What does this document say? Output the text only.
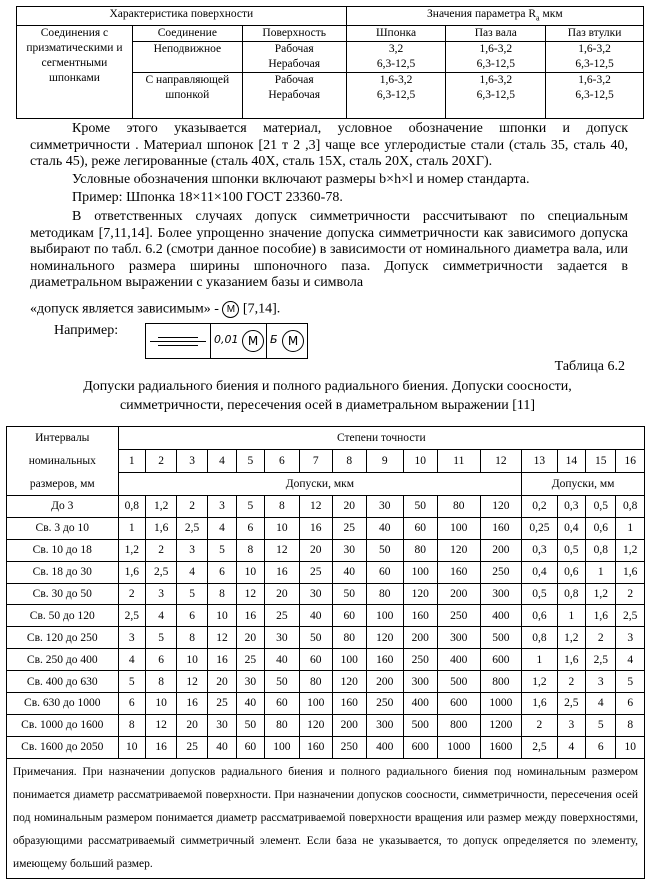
Характеристика поверхности			Значения параметра $R_a$ мкм		
Соединения с призматическими и сегментными шпонками	Соединение	Поверхность	Шпонка	Паз вала	Паз втулки
	Неподвижное	Рабочая	3,2	1,6-3,2	1,6-3,2
		Нерабочая	6,3-12,5	6,3-12,5	6,3-12,5
	С направляющей шпонкой	Рабочая	1,6-3,2	1,6-3,2	1,6-3,2
		Нерабочая	6,3-12,5	6,3-12,5	6,3-12,5

Кроме этого указывается материал, условное обозначение шпонки и допуск симметричности . Материал шпонок [21 т 2 ,3] чаще все углеродистые стали (сталь 35, сталь 40, сталь 45), реже легированные (сталь 40Х, сталь 15Х, сталь 20Х, сталь 20ХГ).

Условные обозначения шпонки включают размеры b×h×l и номер стандарта.

Пример: Шпонка 18×11×100 ГОСТ 23360-78.

В ответственных случаях допуск симметричности рассчитывают по специальным методикам [7,11,14]. Более упрощенно значение допуска симметричности как зависимого допуска выбирают по табл. 6.2 (смотри данное пособие) в зависимости от номинального диаметра вала, или номинального размера ширины шпоночного паза. Допуск симметричности задается в диаметральном выражении с указанием базы и символа

«допуск является зависимым» - M [7,14].
Например:
0,01 M	Б M
Таблица 6.2
Допуски радиального биения и полного радиального биения. Допуски соосности,
симметричности, пересечения осей в диаметральном выражении [11]
Интервалы	Степени точности															
номинальных	1	2	3	4	5	6	7	8	9	10	11	12	13	14	15	16
размеров, мм	Допуски, мкм												Допуски, мм			
До 3	0,8	1,2	2	3	5	8	12	20	30	50	80	120	0,2	0,3	0,5	0,8
Св. 3 до 10	1	1,6	2,5	4	6	10	16	25	40	60	100	160	0,25	0,4	0,6	1
Св. 10 до 18	1,2	2	3	5	8	12	20	30	50	80	120	200	0,3	0,5	0,8	1,2
Св. 18 до 30	1,6	2,5	4	6	10	16	25	40	60	100	160	250	0,4	0,6	1	1,6
Св. 30 до 50	2	3	5	8	12	20	30	50	80	120	200	300	0,5	0,8	1,2	2
Св. 50 до 120	2,5	4	6	10	16	25	40	60	100	160	250	400	0,6	1	1,6	2,5
Св. 120 до 250	3	5	8	12	20	30	50	80	120	200	300	500	0,8	1,2	2	3
Св. 250 до 400	4	6	10	16	25	40	60	100	160	250	400	600	1	1,6	2,5	4
Св. 400 до 630	5	8	12	20	30	50	80	120	200	300	500	800	1,2	2	3	5
Св. 630 до 1000	6	10	16	25	40	60	100	160	250	400	600	1000	1,6	2,5	4	6
Св. 1000 до 1600	8	12	20	30	50	80	120	200	300	500	800	1200	2	3	5	8
Св. 1600 до 2050	10	16	25	40	60	100	160	250	400	600	1000	1600	2,5	4	6	10
Примечания. При назначении допусков радиального биения и полного радиального биения под номинальным размером понимается диаметр рассматриваемой поверхности. При назначении допусков соосности, симметричности, пересечения осей под номинальным размером понимается диаметр рассматриваемой поверхности вращения или размер между поверхностями, образующими рассматриваемый симметричный элемент. Если база не указывается, то допуск определяется по элементу, имеющему больший размер.																
